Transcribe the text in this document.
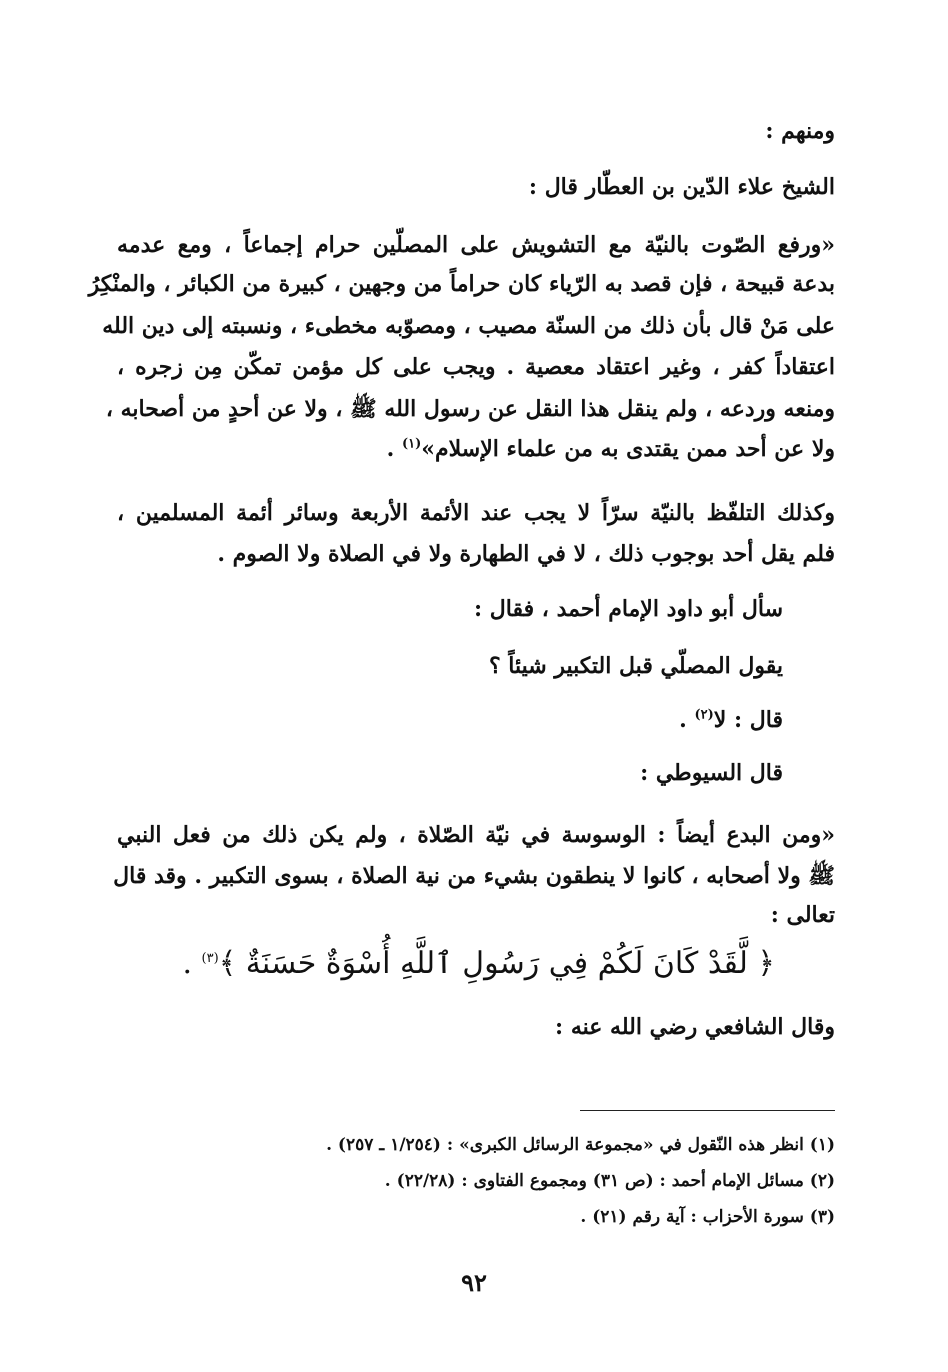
ومنهم :
الشيخ علاء الدّين بن العطّار قال :
«ورفع الصّوت بالنيّة مع التشويش على المصلّين حرام إجماعاً ، ومع عدمه
بدعة قبيحة ، فإن قصد به الرّياء كان حراماً من وجهين ، كبيرة من الكبائر ، والمنْكِرُ
على مَنْ قال بأن ذلك من السنّة مصيب ، ومصوّبه مخطىء ، ونسبته إلى دين الله
اعتقاداً كفر ، وغير اعتقاد معصية . ويجب على كل مؤمن تمكّن مِن زجره ،
ومنعه وردعه ، ولم ينقل هذا النقل عن رسول الله ﷺ ، ولا عن أحدٍ من أصحابه ،
ولا عن أحد ممن يقتدى به من علماء الإسلام»$^{(١)}$ .
وكذلك التلفّظ بالنيّة سرّاً لا يجب عند الأئمة الأربعة وسائر أئمة المسلمين ،
فلم يقل أحد بوجوب ذلك ، لا في الطهارة ولا في الصلاة ولا الصوم .
سأل أبو داود الإمام أحمد ، فقال :
يقول المصلّي قبل التكبير شيئاً ؟
قال : لا$^{(٢)}$ .
قال السيوطي :
«ومن البدع أيضاً : الوسوسة في نيّة الصّلاة ، ولم يكن ذلك من فعل النبي
ﷺ ولا أصحابه ، كانوا لا ينطقون بشيء من نية الصلاة ، بسوى التكبير . وقد قال
تعالى :
﴿ لَّقَدْ كَانَ لَكُمْ فِي رَسُولِ ٱللَّهِ أُسْوَةٌ حَسَنَةٌ ﴾$^{(٣)}$ .
وقال الشافعي رضي الله عنه :
(١) انظر هذه النّقول في «مجموعة الرسائل الكبرى» : (١/٢٥٤ ـ ٢٥٧) .
(٢) مسائل الإمام أحمد : (ص ٣١) ومجموع الفتاوى : (٢٢/٢٨) .
(٣) سورة الأحزاب : آية رقم (٢١) .
٩٢
